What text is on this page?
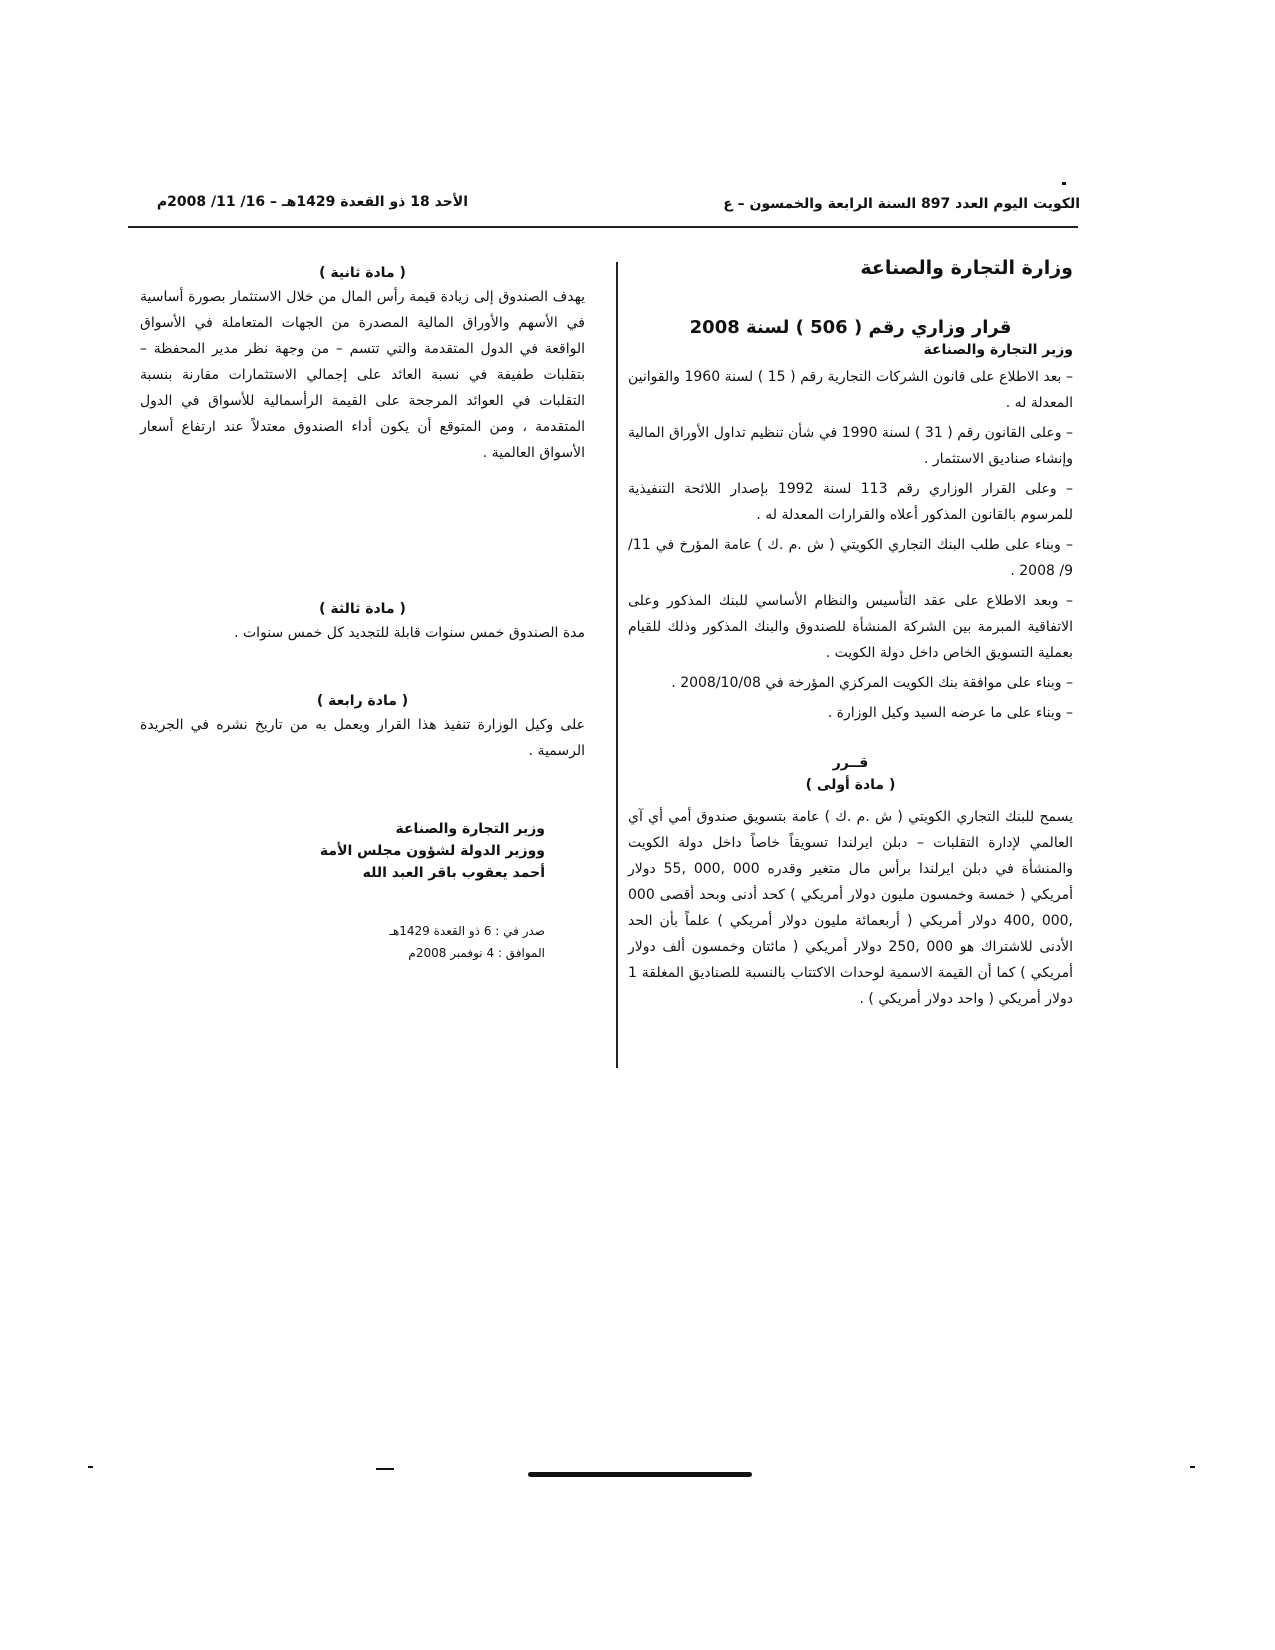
الكويت اليوم العدد 897 السنة الرابعة والخمسون – ع
الأحد 18 ذو القعدة 1429هـ – 16/ 11/ 2008م
وزارة التجارة والصناعة
قرار وزاري رقم ( 506 ) لسنة 2008
وزير التجارة والصناعة

– بعد الاطلاع على قانون الشركات التجارية رقم ( 15 ) لسنة 1960 والقوانين المعدلة له .

– وعلى القانون رقم ( 31 ) لسنة 1990 في شأن تنظيم تداول الأوراق المالية وإنشاء صناديق الاستثمار .

– وعلى القرار الوزاري رقم 113 لسنة 1992 بإصدار اللائحة التنفيذية للمرسوم بالقانون المذكور أعلاه والقرارات المعدلة له .

– وبناء على طلب البنك التجاري الكويتي ( ش .م .ك ) عامة المؤرخ في 11/ 9/ 2008 .

– وبعد الاطلاع على عقد التأسيس والنظام الأساسي للبنك المذكور وعلى الاتفاقية المبرمة بين الشركة المنشأة للصندوق والبنك المذكور وذلك للقيام بعملية التسويق الخاص داخل دولة الكويت .

– وبناء على موافقة بنك الكويت المركزي المؤرخة في 2008/10/08 .

– وبناء على ما عرضه السيد وكيل الوزارة .

قــرر
( مادة أولى )

يسمح للبنك التجاري الكويتي ( ش .م .ك ) عامة بتسويق صندوق أمي أي آي العالمي لإدارة التقلبات – دبلن ايرلندا تسويقاً خاصاً داخل دولة الكويت والمنشأة في دبلن ايرلندا برأس مال متغير وقدره 000 ,000 ,55 دولار أمريكي ( خمسة وخمسون مليون دولار أمريكي ) كحد أدنى وبحد أقصى 000 ,000 ,400 دولار أمريكي ( أربعمائة مليون دولار أمريكي ) علماً بأن الحد الأدنى للاشتراك هو 000 ,250 دولار أمريكي ( مائتان وخمسون ألف دولار أمريكي ) كما أن القيمة الاسمية لوحدات الاكتتاب بالنسبة للصناديق المغلقة 1 دولار أمريكي ( واحد دولار أمريكي ) .

( مادة ثانية )

يهدف الصندوق إلى زيادة قيمة رأس المال من خلال الاستثمار بصورة أساسية في الأسهم والأوراق المالية المصدرة من الجهات المتعاملة في الأسواق الواقعة في الدول المتقدمة والتي تتسم – من وجهة نظر مدير المحفظة – بتقلبات طفيفة في نسبة العائد على إجمالي الاستثمارات مقارنة بنسبة التقلبات في العوائد المرجحة على القيمة الرأسمالية للأسواق في الدول المتقدمة ، ومن المتوقع أن يكون أداء الصندوق معتدلاً عند ارتفاع أسعار الأسواق العالمية .

( مادة ثالثة )

مدة الصندوق خمس سنوات قابلة للتجديد كل خمس سنوات .

( مادة رابعة )

على وكيل الوزارة تنفيذ هذا القرار ويعمل به من تاريخ نشره في الجريدة الرسمية .

وزير التجارة والصناعة
ووزير الدولة لشؤون مجلس الأمة
أحمد يعقوب باقر العبد الله
صدر في : 6 ذو القعدة 1429هـ
الموافق : 4 نوفمبر 2008م
